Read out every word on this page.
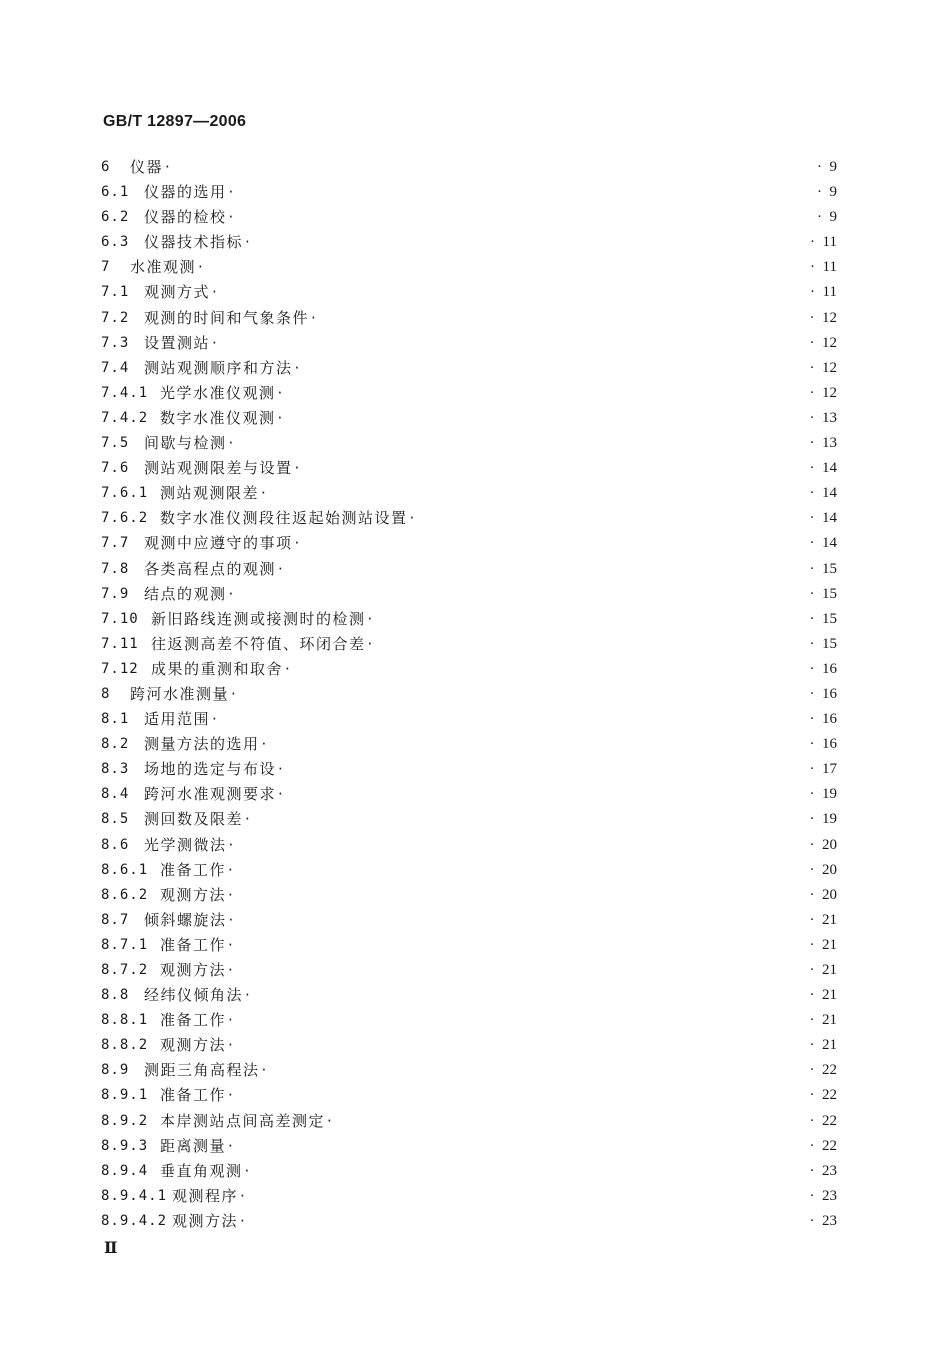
GB/T 12897—2006
6 仪器 ·	· 9
6.1 仪器的选用 ·	· 9
6.2 仪器的检校 ·	· 9
6.3 仪器技术指标 ·	· 11
7 水准观测 ·	· 11
7.1 观测方式 ·	· 11
7.2 观测的时间和气象条件 ·	· 12
7.3 设置测站 ·	· 12
7.4 测站观测顺序和方法 ·	· 12
7.4.1 光学水准仪观测 ·	· 12
7.4.2 数字水准仪观测 ·	· 13
7.5 间歇与检测 ·	· 13
7.6 测站观测限差与设置 ·	· 14
7.6.1 测站观测限差 ·	· 14
7.6.2 数字水准仪测段往返起始测站设置 ·	· 14
7.7 观测中应遵守的事项 ·	· 14
7.8 各类高程点的观测 ·	· 15
7.9 结点的观测 ·	· 15
7.10 新旧路线连测或接测时的检测 ·	· 15
7.11 往返测高差不符值、环闭合差 ·	· 15
7.12 成果的重测和取舍 ·	· 16
8 跨河水准测量 ·	· 16
8.1 适用范围 ·	· 16
8.2 测量方法的选用 ·	· 16
8.3 场地的选定与布设 ·	· 17
8.4 跨河水准观测要求 ·	· 19
8.5 测回数及限差 ·	· 19
8.6 光学测微法 ·	· 20
8.6.1 准备工作 ·	· 20
8.6.2 观测方法 ·	· 20
8.7 倾斜螺旋法 ·	· 21
8.7.1 准备工作 ·	· 21
8.7.2 观测方法 ·	· 21
8.8 经纬仪倾角法 ·	· 21
8.8.1 准备工作 ·	· 21
8.8.2 观测方法 ·	· 21
8.9 测距三角高程法 ·	· 22
8.9.1 准备工作 ·	· 22
8.9.2 本岸测站点间高差测定 ·	· 22
8.9.3 距离测量 ·	· 22
8.9.4 垂直角观测 ·	· 23
8.9.4.1 观测程序 ·	· 23
8.9.4.2 观测方法 ·	· 23
Ⅱ
